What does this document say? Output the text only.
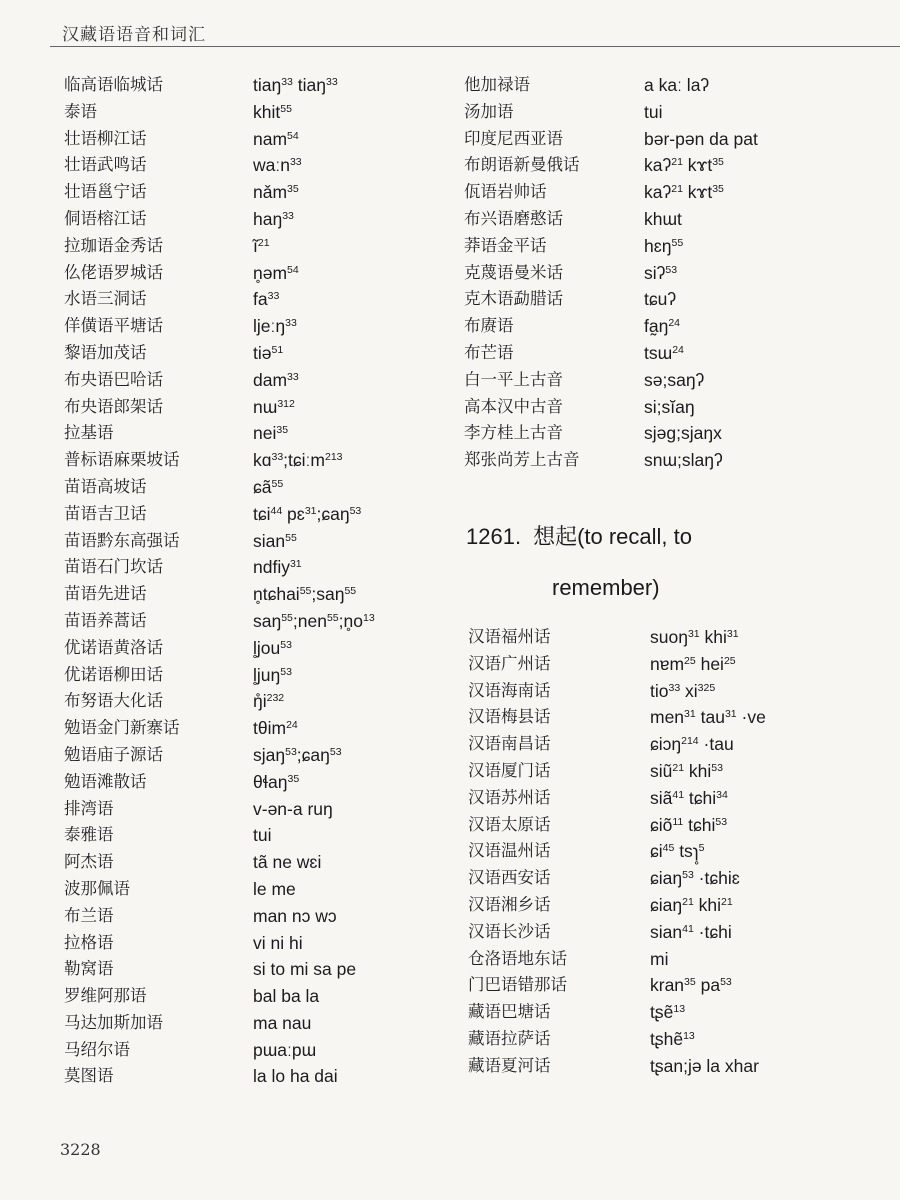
汉藏语语音和词汇
临高语临城话	tiaŋ$^{33}$ tiaŋ$^{33}$
泰语	khit$^{55}$
壮语柳江话	nam$^{54}$
壮语武鸣话	waːn$^{33}$
壮语邕宁话	nǎm$^{35}$
侗语榕江话	haŋ$^{33}$
拉珈语金秀话	$ĩ^{21}$
仫佬语罗城话	n̥əm$^{54}$
水语三洞话	$fa^{33}$
佯僙语平塘话	ljeːŋ$^{33}$
黎语加茂话	tiə$^{51}$
布央语巴哈话	dam$^{33}$
布央语郎架话	nɯ$^{312}$
拉基语	nei$^{35}$
普标语麻栗坡话	kɑ$^{33}$;tɕiːm$^{213}$
苗语高坡话	ɕã$^{55}$
苗语吉卫话	tɕi$^{44}$ pɛ$^{31}$;ɕaŋ$^{53}$
苗语黔东高强话	sian$^{55}$
苗语石门坎话	ndfiy$^{31}$
苗语先进话	n̥tɕhai$^{55}$;saŋ$^{55}$
苗语养蒿话	$saŋ^{55};nen^{55};n̥o^{13}$
优诺语黄洛话	l̥jou$^{53}$
优诺语柳田话	l̥juŋ$^{53}$
布努语大化话	$ŋ̊i^{232}$
勉语金门新寨话	tθim$^{24}$
勉语庙子源话	sjaŋ$^{53}$;ɕaŋ$^{53}$
勉语滩散话	θɬaŋ$^{35}$
排湾语	v-ən-a ruŋ
泰雅语	tui
阿杰语	tã ne wɛi
波那佩语	le me
布兰语	man nɔ wɔ
拉格语	vi ni hi
勒窝语	si to mi sa pe
罗维阿那语	bal ba la
马达加斯加语	ma nau
马绍尔语	pɯaːpɯ
莫图语	la lo ha dai
他加禄语	a kaː laʔ
汤加语	tui
印度尼西亚语	bər-pən da pat
布朗语新曼俄话	kaʔ$^{21}$ kɤt$^{35}$
佤语岩帅话	kaʔ$^{21}$ kɤt$^{35}$
布兴语磨憨话	khɯt
莽语金平话	hɛŋ$^{55}$
克蔑语曼米话	siʔ$^{53}$
克木语勐腊话	tɕuʔ
布赓语	$fa̰ŋ^{24}$
布芒语	tsɯ$^{24}$
白一平上古音	sə;saŋʔ
高本汉中古音	si;sĭaŋ
李方桂上古音	sjəg;sjaŋx
郑张尚芳上古音	snɯ;slaŋʔ
1261. 想起(to recall, to
remember)
汉语福州话	suoŋ$^{31}$ khi$^{31}$
汉语广州话	nɐm$^{25}$ hei$^{25}$
汉语海南话	tio$^{33}$ $xi^{325}$
汉语梅县话	men$^{31}$ tau$^{31}$ ·ve
汉语南昌话	ɕiɔŋ$^{214}$ ·tau
汉语厦门话	siũ$^{21}$ khi$^{53}$
汉语苏州话	siã$^{41}$ tɕhi$^{34}$
汉语太原话	ɕiõ$^{11}$ tɕhi$^{53}$
汉语温州话	ɕi$^{45}$ tsɿ̥$^5$
汉语西安话	ɕiaŋ$^{53}$ ·tɕhiɛ
汉语湘乡话	ɕiaŋ$^{21}$ khi$^{21}$
汉语长沙话	sian$^{41}$ ·tɕhi
仓洛语地东话	mi
门巴语错那话	kran$^{35}$ $pa^{53}$
藏语巴塘话	tʂẽ$^{13}$
藏语拉萨话	tʂhẽ$^{13}$
藏语夏河话	tʂan;jə la xhar
3228
